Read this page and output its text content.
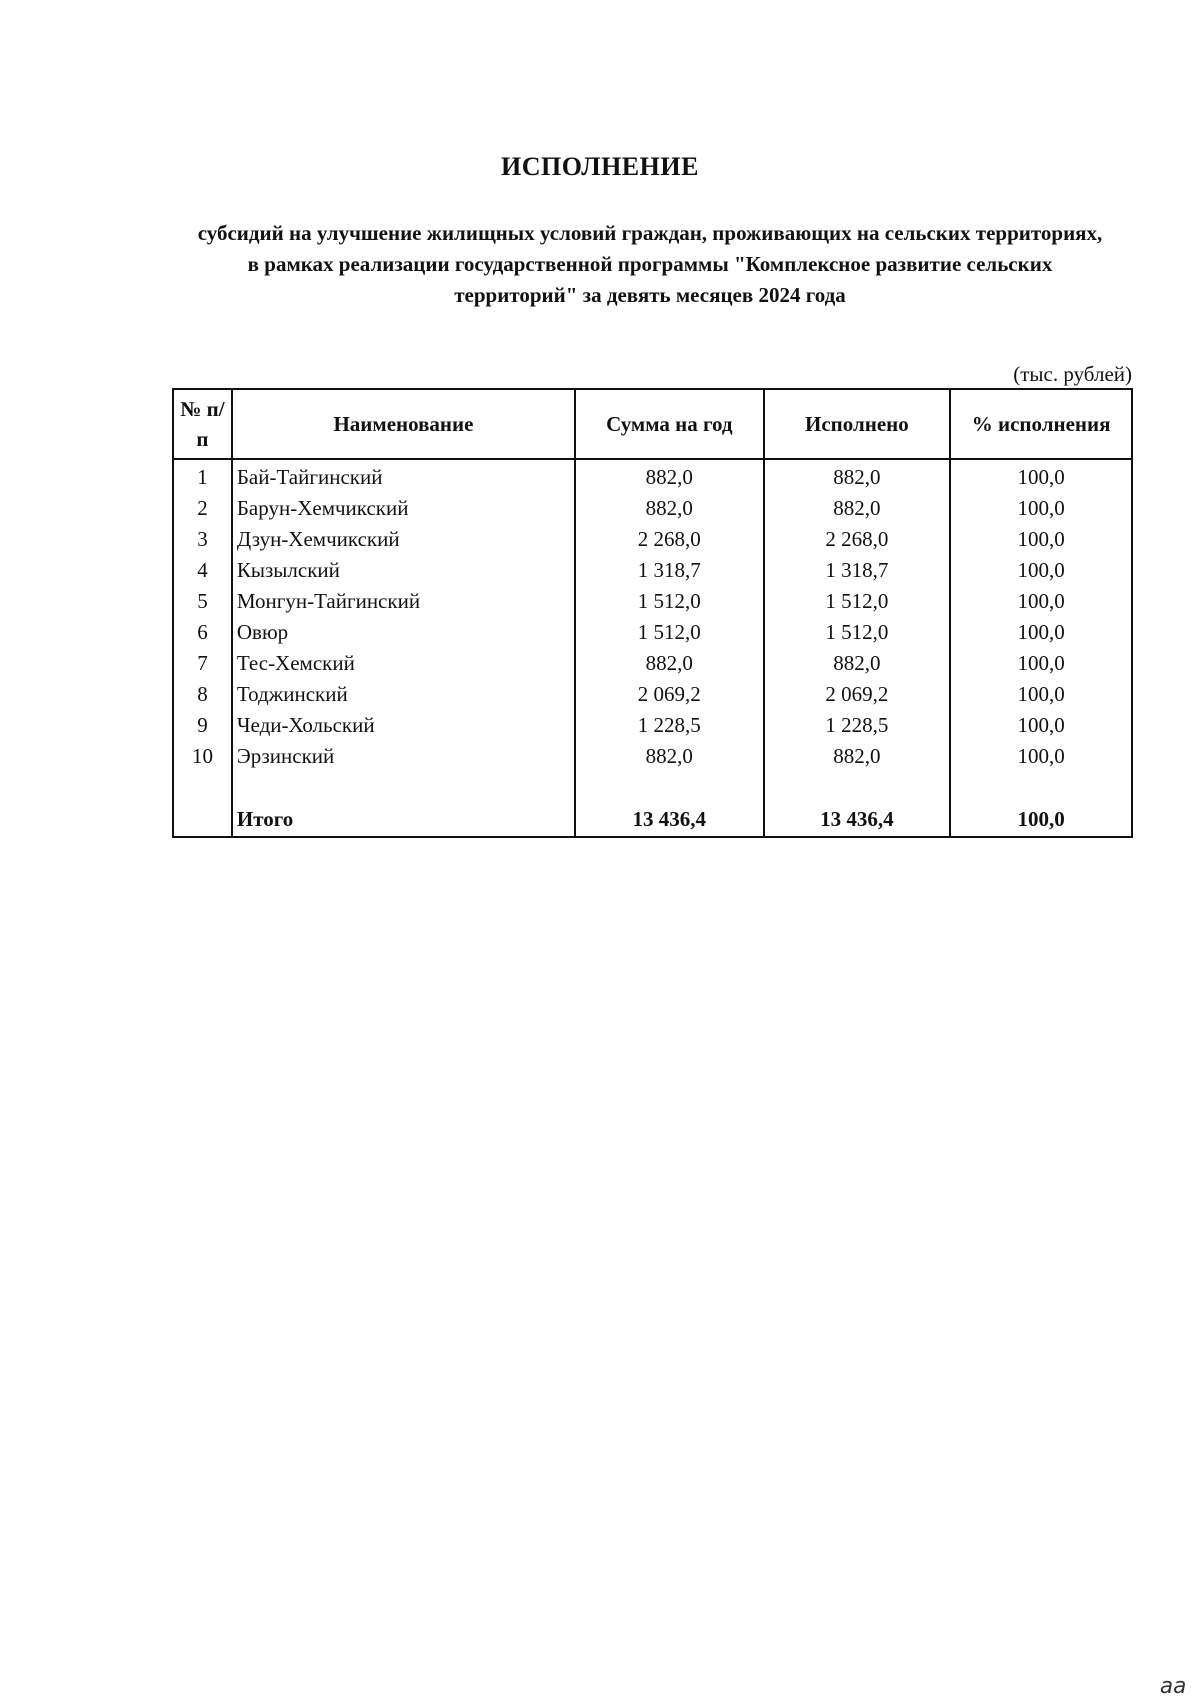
ИСПОЛНЕНИЕ
субсидий на улучшение жилищных условий граждан, проживающих на сельских территориях, в рамках реализации государственной программы "Комплексное развитие сельских территорий" за девять месяцев 2024 года
(тыс. рублей)
№ п/п	Наименование	Сумма на год	Исполнено	% исполнения
1	Бай-Тайгинский	882,0	882,0	100,0
2	Барун-Хемчикский	882,0	882,0	100,0
3	Дзун-Хемчикский	2 268,0	2 268,0	100,0
4	Кызылский	1 318,7	1 318,7	100,0
5	Монгун-Тайгинский	1 512,0	1 512,0	100,0
6	Овюр	1 512,0	1 512,0	100,0
7	Тес-Хемский	882,0	882,0	100,0
8	Тоджинский	2 069,2	2 069,2	100,0
9	Чеди-Хольский	1 228,5	1 228,5	100,0
10	Эрзинский	882,0	882,0	100,0

	Итого	13 436,4	13 436,4	100,0
аа
